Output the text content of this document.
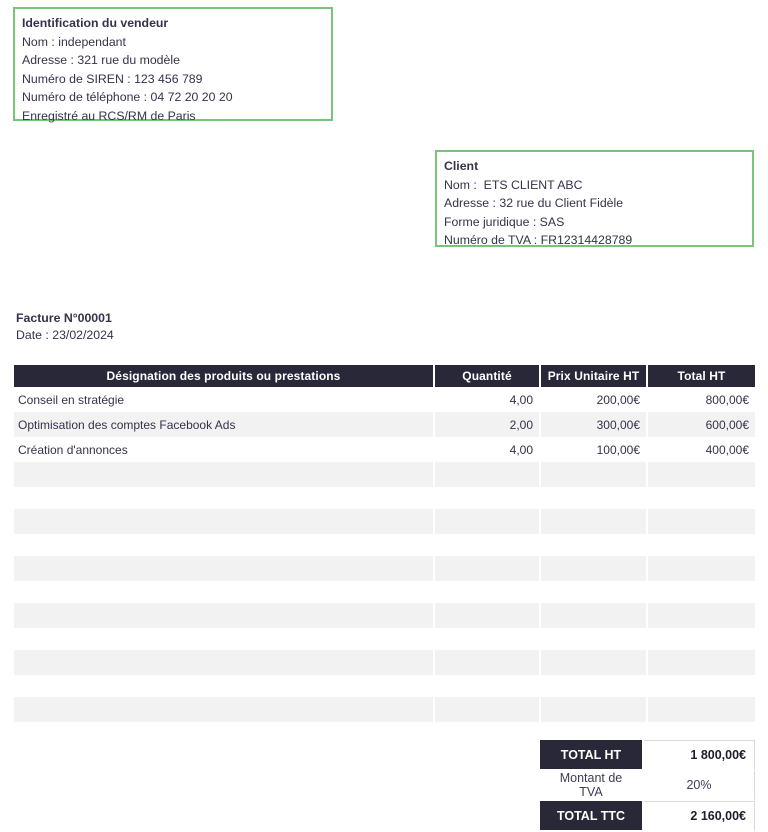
Identification du vendeur
Nom : independant
Adresse : 321 rue du modèle
Numéro de SIREN : 123 456 789
Numéro de téléphone : 04 72 20 20 20
Enregistré au RCS/RM de Paris
Client
Nom :  ETS CLIENT ABC
Adresse : 32 rue du Client Fidèle
Forme juridique : SAS
Numéro de TVA : FR12314428789
Facture N°00001
Date : 23/02/2024
Désignation des produits ou prestations	Quantité	Prix Unitaire HT	Total HT
Conseil en stratégie	4,00	200,00€	800,00€
Optimisation des comptes Facebook Ads	2,00	300,00€	600,00€
Création d'annonces	4,00	100,00€	400,00€

TOTAL HT	1 800,00€
Montant de TVA	20%
TOTAL TTC	2 160,00€
